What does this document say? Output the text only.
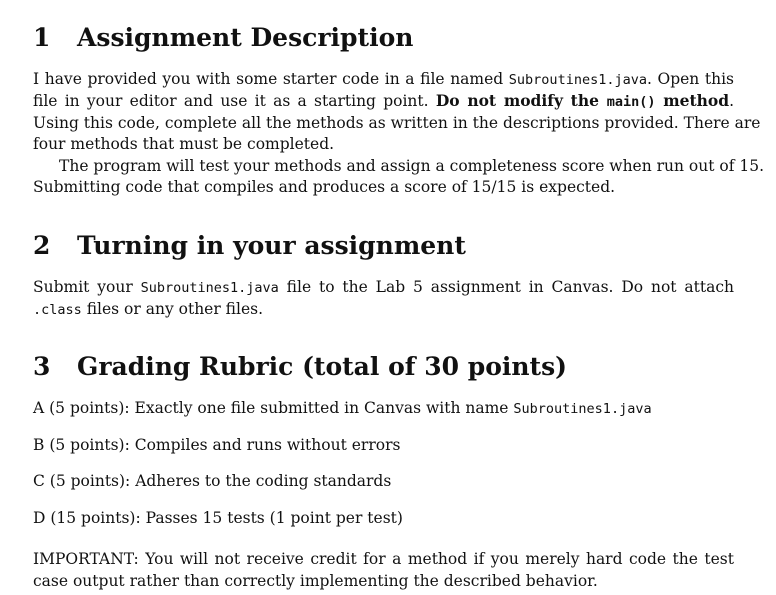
1 Assignment Description

I have provided you with some starter code in a file named Subroutines1.java. Open this

file in your editor and use it as a starting point. Do not modify the main() method.

Using this code, complete all the methods as written in the descriptions provided. There are

four methods that must be completed.

The program will test your methods and assign a completeness score when run out of 15.

Submitting code that compiles and produces a score of 15/15 is expected.

2 Turning in your assignment

Submit your Subroutines1.java file to the Lab 5 assignment in Canvas. Do not attach

.class files or any other files.

3 Grading Rubric (total of 30 points)

A (5 points): Exactly one file submitted in Canvas with name Subroutines1.java

B (5 points): Compiles and runs without errors

C (5 points): Adheres to the coding standards

D (15 points): Passes 15 tests (1 point per test)

IMPORTANT: You will not receive credit for a method if you merely hard code the test

case output rather than correctly implementing the described behavior.
